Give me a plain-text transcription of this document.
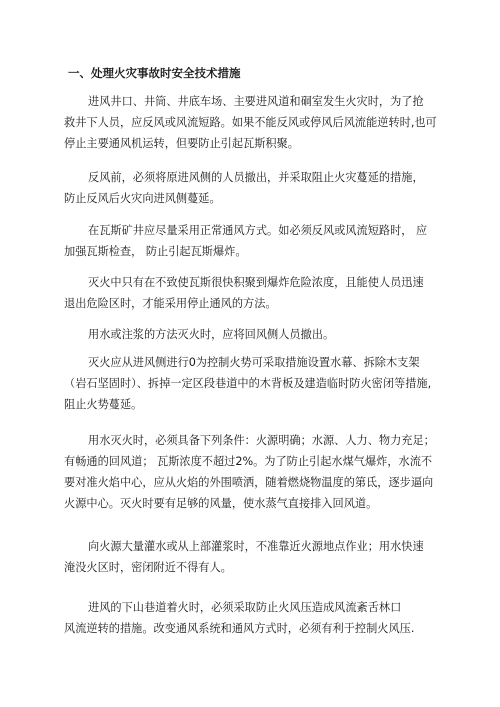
一、处理火灾事故时安全技术措施
进风井口、井筒、井底车场、主要进风道和硐室发生火灾时，为了抢
救井下人员，应反风或风流短路。如果不能反风或停风后风流能逆转时,也可
停止主要通风机运转，但要防止引起瓦斯积聚。
反风前，必须将原进风侧的人员撤出，并采取阻止火灾蔓延的措施，
防止反风后火灾向进风侧蔓延。
在瓦斯矿井应尽量采用正常通风方式。如必须反风或风流短路时， 应
加强瓦斯检查， 防止引起瓦斯爆炸。
灭火中只有在不致使瓦斯很快积聚到爆炸危险浓度，且能使人员迅速
退出危险区时，才能采用停止通风的方法。
用水或注浆的方法灭火时，应将回风侧人员撤出。
灭火应从进风侧进行0为控制火势可采取措施设置水幕、拆除木支架
（岩石坚固时）、拆掉一定区段巷道中的木背板及建造临时防火密闭等措施,
阻止火势蔓延。
用水灭火时，必须具备下列条件：火源明确；水源、人力、物力充足；
有畅通的回风道； 瓦斯浓度不超过2%。为了防止引起水煤气爆炸，水流不
要对准火焰中心，应从火焰的外围喷洒，随着燃烧物温度的第氐，逐步逼向
火源中心。灭火时要有足够的风量，使水蒸气直接排入回风道。
向火源大量灌水或从上部灌浆时，不准靠近火源地点作业；用水快速
淹没火区时，密闭附近不得有人。
进风的下山巷道着火时，必须采取防止火风压造成风流紊舌林口
风流逆转的措施。改变通风系统和通风方式时，必须有利于控制火风压.
